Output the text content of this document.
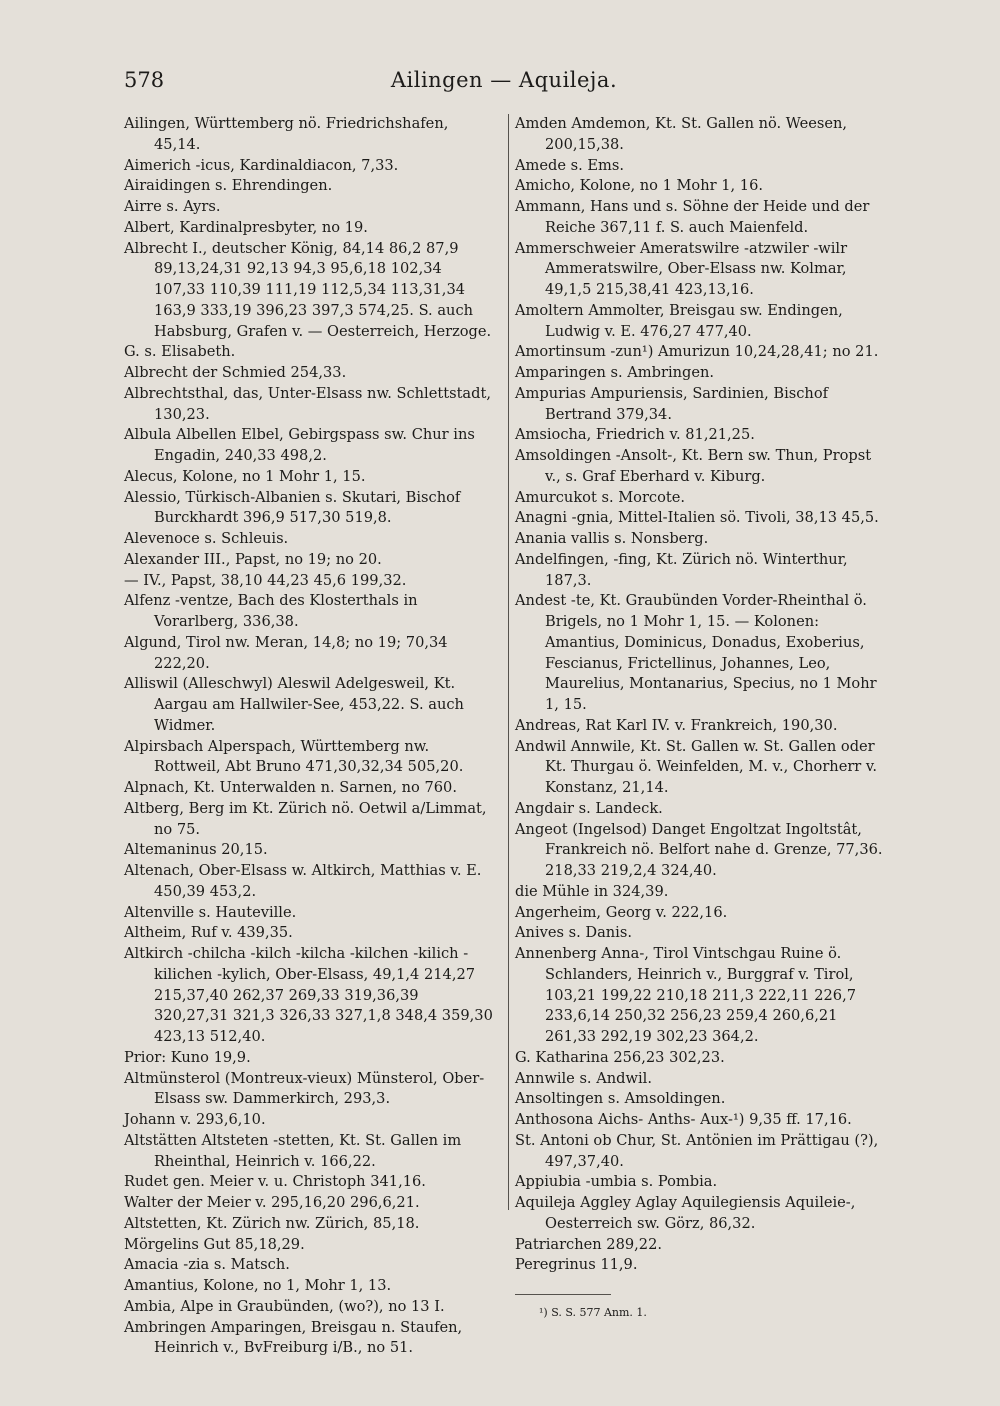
578	Ailingen — Aquileja.

Ailingen, Württemberg nö. Friedrichshafen, 45,14.

Aimerich -icus, Kardinaldiacon, 7,33.

Airaidingen s. Ehrendingen.

Airre s. Ayrs.

Albert, Kardinalpresbyter, no 19.

Albrecht I., deutscher König, 84,14 86,2 87,9 89,13,24,31 92,13 94,3 95,6,18 102,34 107,33 110,39 111,19 112,5,34 113,31,34 163,9 333,19 396,23 397,3 574,25. S. auch Habsburg, Grafen v. — Oesterreich, Herzoge.

G. s. Elisabeth.

Albrecht der Schmied 254,33.

Albrechtsthal, das, Unter-Elsass nw. Schlettstadt, 130,23.

Albula Albellen Elbel, Gebirgspass sw. Chur ins Engadin, 240,33 498,2.

Alecus, Kolone, no 1 Mohr 1, 15.

Alessio, Türkisch-Albanien s. Skutari, Bischof Burckhardt 396,9 517,30 519,8.

Alevenoce s. Schleuis.

Alexander III., Papst, no 19; no 20.

— IV., Papst, 38,10 44,23 45,6 199,32.

Alfenz -ventze, Bach des Klosterthals in Vorarlberg, 336,38.

Algund, Tirol nw. Meran, 14,8; no 19; 70,34 222,20.

Alliswil (Alleschwyl) Aleswil Adelgesweil, Kt. Aargau am Hallwiler-See, 453,22. S. auch Widmer.

Alpirsbach Alperspach, Württemberg nw. Rottweil, Abt Bruno 471,30,32,34 505,20.

Alpnach, Kt. Unterwalden n. Sarnen, no 760.

Altberg, Berg im Kt. Zürich nö. Oetwil a/Limmat, no 75.

Altemaninus 20,15.

Altenach, Ober-Elsass w. Altkirch, Matthias v. E. 450,39 453,2.

Altenville s. Hauteville.

Altheim, Ruf v. 439,35.

Altkirch -chilcha -kilch -kilcha -kilchen -kilich -kilichen -kylich, Ober-Elsass, 49,1,4 214,27 215,37,40 262,37 269,33 319,36,39 320,27,31 321,3 326,33 327,1,8 348,4 359,30 423,13 512,40.

Prior: Kuno 19,9.

Altmünsterol (Montreux-vieux) Münsterol, Ober-Elsass sw. Dammerkirch, 293,3.

Johann v. 293,6,10.

Altstätten Altsteten -stetten, Kt. St. Gallen im Rheinthal, Heinrich v. 166,22.

Rudet gen. Meier v. u. Christoph 341,16.

Walter der Meier v. 295,16,20 296,6,21.

Altstetten, Kt. Zürich nw. Zürich, 85,18.

Mörgelins Gut 85,18,29.

Amacia -zia s. Matsch.

Amantius, Kolone, no 1, Mohr 1, 13.

Ambia, Alpe in Graubünden, (wo?), no 13 I.

Ambringen Amparingen, Breisgau n. Staufen, Heinrich v., BvFreiburg i/B., no 51.

Amden Amdemon, Kt. St. Gallen nö. Weesen, 200,15,38.

Amede s. Ems.

Amicho, Kolone, no 1 Mohr 1, 16.

Ammann, Hans und s. Söhne der Heide und der Reiche 367,11 f. S. auch Maienfeld.

Ammerschweier Ameratswilre -atzwiler -wilr Ammeratswilre, Ober-Elsass nw. Kolmar, 49,1,5 215,38,41 423,13,16.

Amoltern Ammolter, Breisgau sw. Endingen, Ludwig v. E. 476,27 477,40.

Amortinsum -zun¹) Amurizun 10,24,28,41; no 21.

Amparingen s. Ambringen.

Ampurias Ampuriensis, Sardinien, Bischof Bertrand 379,34.

Amsiocha, Friedrich v. 81,21,25.

Amsoldingen -Ansolt-, Kt. Bern sw. Thun, Propst v., s. Graf Eberhard v. Kiburg.

Amurcukot s. Morcote.

Anagni -gnia, Mittel-Italien sö. Tivoli, 38,13 45,5.

Anania vallis s. Nonsberg.

Andelfingen, -fing, Kt. Zürich nö. Winterthur, 187,3.

Andest -te, Kt. Graubünden Vorder-Rheinthal ö. Brigels, no 1 Mohr 1, 15. — Kolonen: Amantius, Dominicus, Donadus, Exoberius, Fescianus, Frictellinus, Johannes, Leo, Maurelius, Montanarius, Specius, no 1 Mohr 1, 15.

Andreas, Rat Karl IV. v. Frankreich, 190,30.

Andwil Annwile, Kt. St. Gallen w. St. Gallen oder Kt. Thurgau ö. Weinfelden, M. v., Chorherr v. Konstanz, 21,14.

Angdair s. Landeck.

Angeot (Ingelsod) Danget Engoltzat Ingoltstât, Frankreich nö. Belfort nahe d. Grenze, 77,36. 218,33 219,2,4 324,40.

die Mühle in 324,39.

Angerheim, Georg v. 222,16.

Anives s. Danis.

Annenberg Anna-, Tirol Vintschgau Ruine ö. Schlanders, Heinrich v., Burggraf v. Tirol, 103,21 199,22 210,18 211,3 222,11 226,7 233,6,14 250,32 256,23 259,4 260,6,21 261,33 292,19 302,23 364,2.

G. Katharina 256,23 302,23.

Annwile s. Andwil.

Ansoltingen s. Amsoldingen.

Anthosona Aichs- Anths- Aux-¹) 9,35 ff. 17,16.

St. Antoni ob Chur, St. Antönien im Prättigau (?), 497,37,40.

Appiubia -umbia s. Pombia.

Aquileja Aggley Aglay Aquilegiensis Aquileie-, Oesterreich sw. Görz, 86,32.

Patriarchen 289,22.

Peregrinus 11,9.

¹) S. S. 577 Anm. 1.
